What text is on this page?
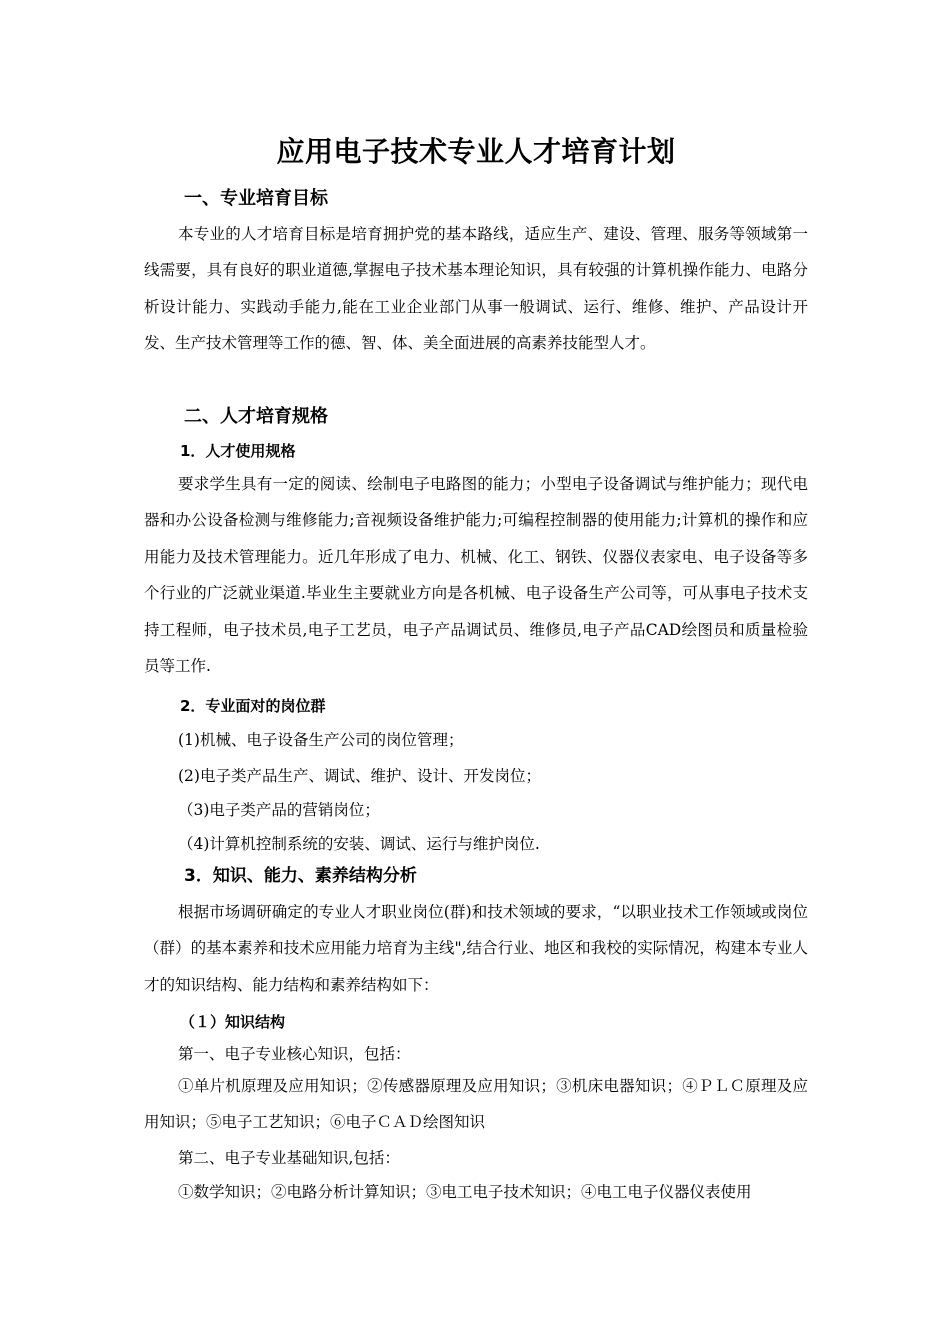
应用电子技术专业人才培育计划
一、专业培育目标
本专业的人才培育目标是培育拥护党的基本路线，适应生产、建设、管理、服务等领域第一线需要，具有良好的职业道德,掌握电子技术基本理论知识，具有较强的计算机操作能力、电路分析设计能力、实践动手能力,能在工业企业部门从事一般调试、运行、维修、维护、产品设计开发、生产技术管理等工作的德、智、体、美全面进展的高素养技能型人才。
二、人才培育规格
1．人才使用规格
要求学生具有一定的阅读、绘制电子电路图的能力；小型电子设备调试与维护能力；现代电器和办公设备检测与维修能力;音视频设备维护能力;可编程控制器的使用能力;计算机的操作和应用能力及技术管理能力。近几年形成了电力、机械、化工、钢铁、仪器仪表家电、电子设备等多个行业的广泛就业渠道.毕业生主要就业方向是各机械、电子设备生产公司等，可从事电子技术支持工程师，电子技术员,电子工艺员，电子产品调试员、维修员,电子产品CAD绘图员和质量检验员等工作.
2．专业面对的岗位群
(1)机械、电子设备生产公司的岗位管理；
(2)电子类产品生产、调试、维护、设计、开发岗位；
（3)电子类产品的营销岗位；
（4)计算机控制系统的安装、调试、运行与维护岗位.
3．知识、能力、素养结构分析
根据市场调研确定的专业人才职业岗位(群)和技术领域的要求，“以职业技术工作领域或岗位（群）的基本素养和技术应用能力培育为主线",结合行业、地区和我校的实际情况，构建本专业人才的知识结构、能力结构和素养结构如下：
（１）知识结构
第一、电子专业核心知识，包括：
①单片机原理及应用知识；②传感器原理及应用知识；③机床电器知识；④ＰＬＣ原理及应用知识；⑤电子工艺知识；⑥电子ＣＡＤ绘图知识
第二、电子专业基础知识,包括：
①数学知识；②电路分析计算知识；③电工电子技术知识；④电工电子仪器仪表使用
